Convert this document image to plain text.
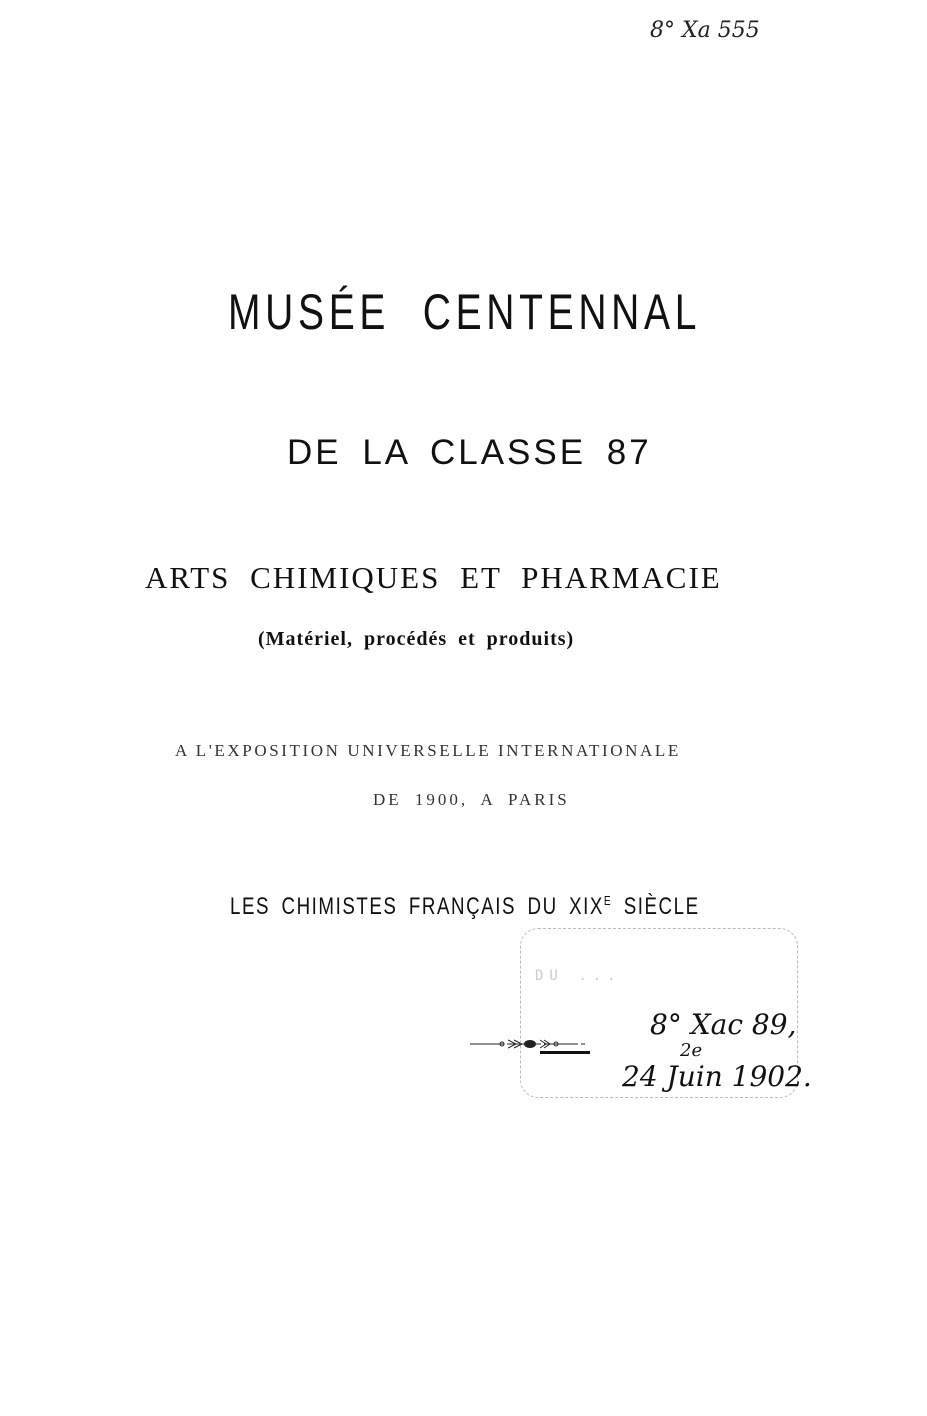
8° Xa 555
MUSÉE CENTENNAL
DE LA CLASSE 87
ARTS CHIMIQUES ET PHARMACIE
(Matériel, procédés et produits)
A L'EXPOSITION UNIVERSELLE INTERNATIONALE
DE 1900, A PARIS
LES CHIMISTES FRANÇAIS DU $XIX^E$ SIÈCLE
DU ...
8° Xac 89,
2e
24 Juin 1902.
